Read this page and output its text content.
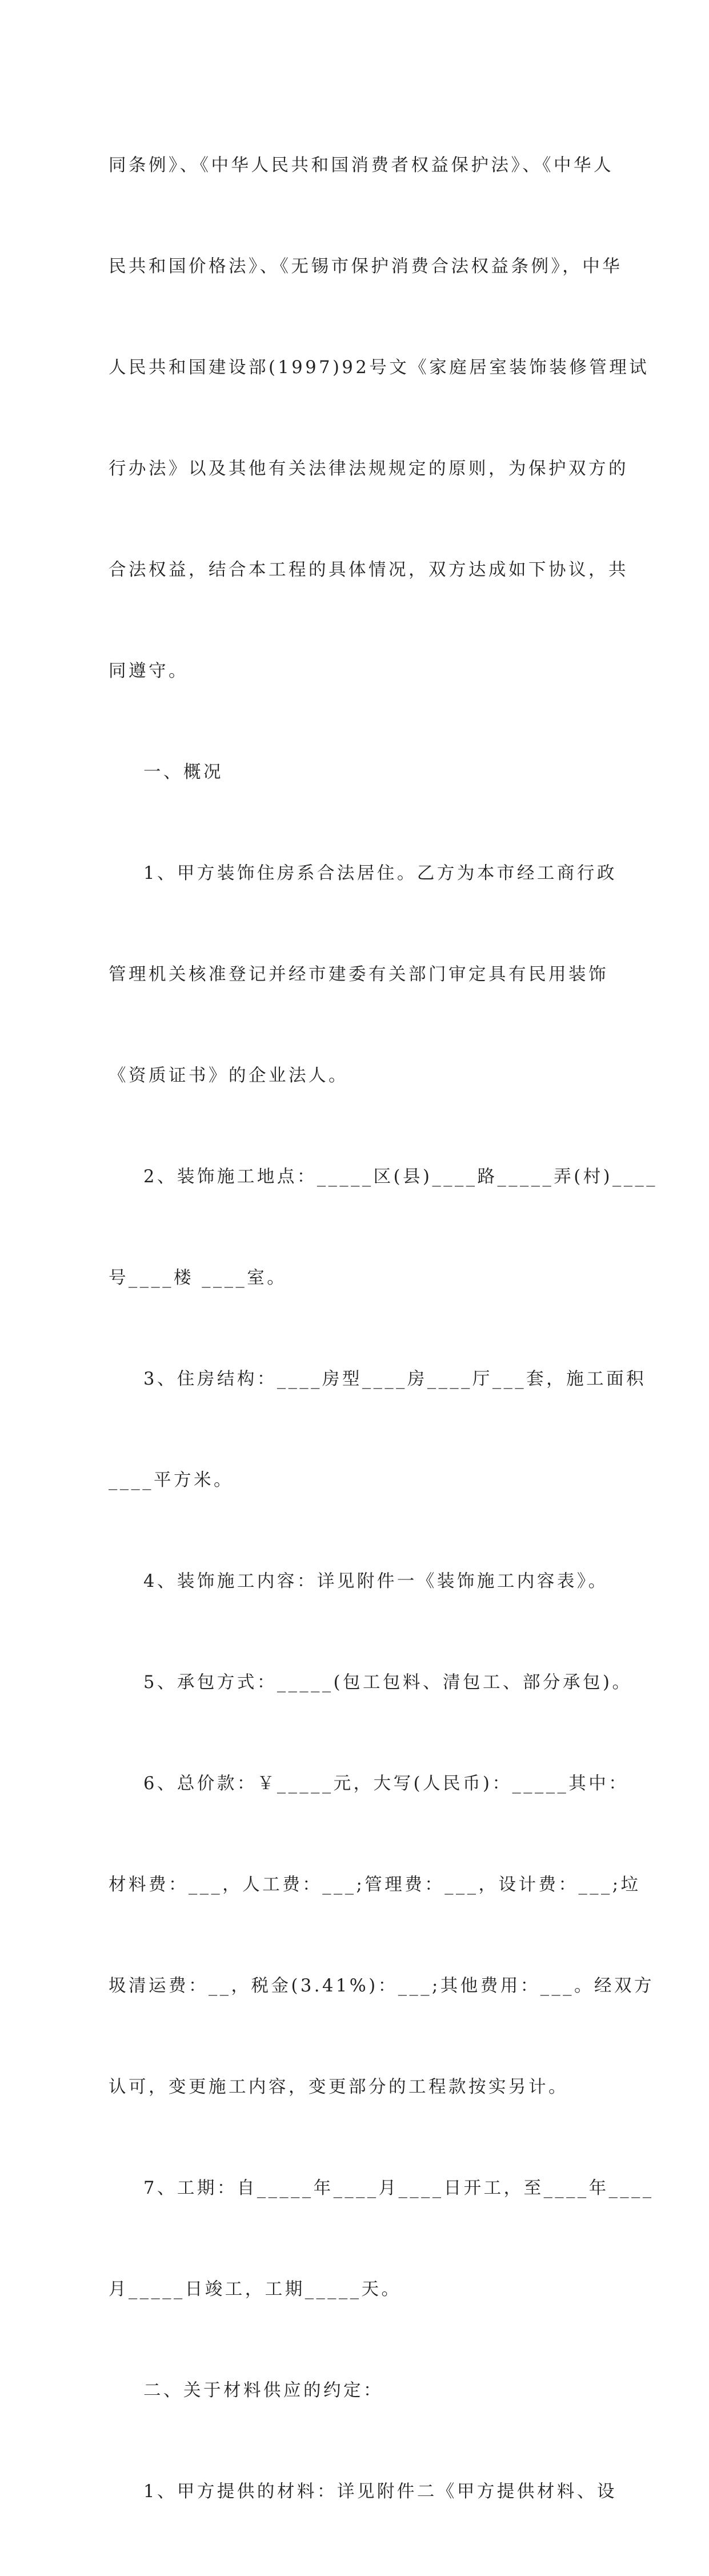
同条例》、《中华人民共和国消费者权益保护法》、《中华人

民共和国价格法》、《无锡市保护消费合法权益条例》，中华

人民共和国建设部(1997)92号文《家庭居室装饰装修管理试

行办法》以及其他有关法律法规规定的原则，为保护双方的

合法权益，结合本工程的具体情况，双方达成如下协议，共

同遵守。

一、概况

1、甲方装饰住房系合法居住。乙方为本市经工商行政

管理机关核准登记并经市建委有关部门审定具有民用装饰

《资质证书》的企业法人。

2、装饰施工地点：_____区(县)____路_____弄(村)____

号____楼 ____室。

3、住房结构：____房型____房____厅___套，施工面积

____平方米。

4、装饰施工内容：详见附件一《装饰施工内容表》。

5、承包方式：_____(包工包料、清包工、部分承包)。

6、总价款：￥_____元，大写(人民币)：_____其中：

材料费：___，人工费：___;管理费：___，设计费：___;垃

圾清运费：__，税金(3.41%)：___;其他费用：___。经双方

认可，变更施工内容，变更部分的工程款按实另计。

7、工期：自_____年____月____日开工，至____年____

月_____日竣工，工期_____天。

二、关于材料供应的约定：

1、甲方提供的材料：详见附件二《甲方提供材料、设
